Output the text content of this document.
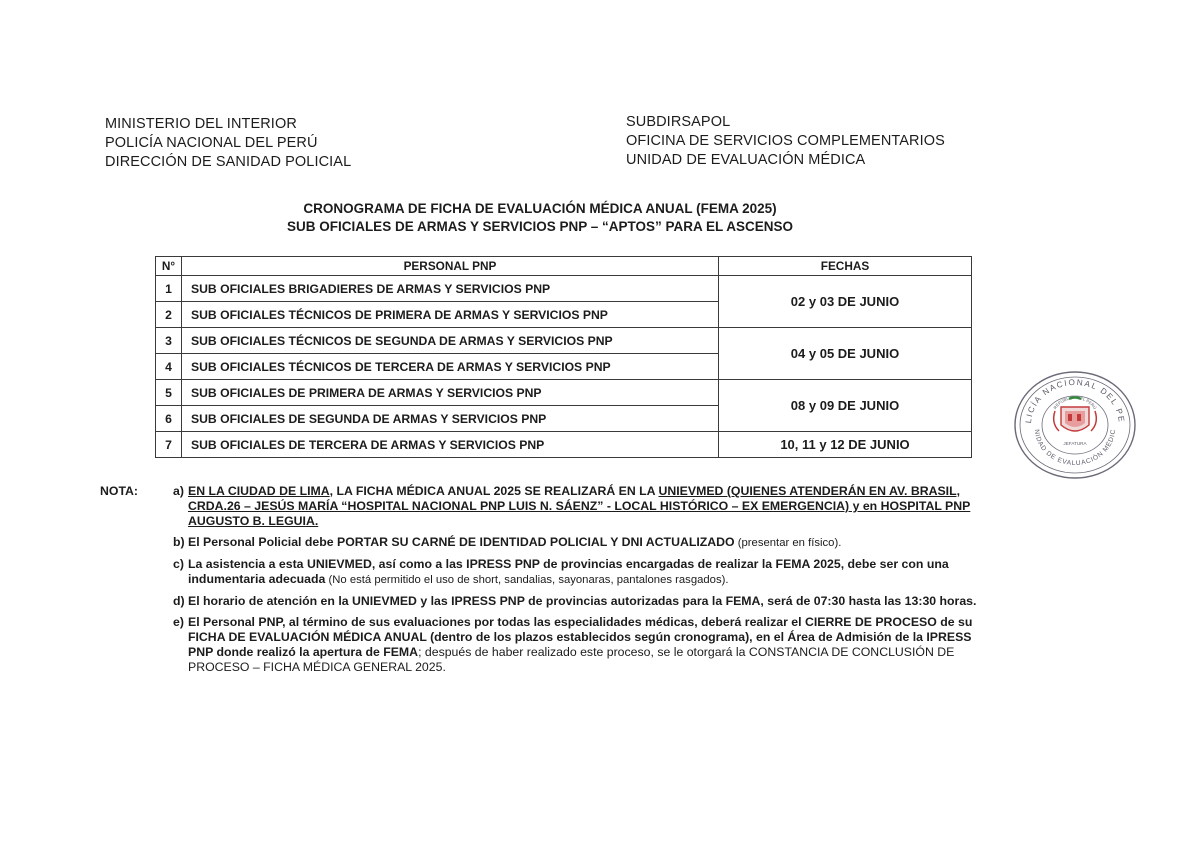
MINISTERIO DEL INTERIOR
POLICÍA NACIONAL DEL PERÚ
DIRECCIÓN DE SANIDAD POLICIAL
SUBDIRSAPOL
OFICINA DE SERVICIOS COMPLEMENTARIOS
UNIDAD DE EVALUACIÓN MÉDICA
CRONOGRAMA DE FICHA DE EVALUACIÓN MÉDICA ANUAL (FEMA 2025)
SUB OFICIALES DE ARMAS Y SERVICIOS PNP – “APTOS” PARA EL ASCENSO
N°	PERSONAL PNP	FECHAS
1	SUB OFICIALES BRIGADIERES DE ARMAS Y SERVICIOS PNP	02 y 03 DE JUNIO
2	SUB OFICIALES TÉCNICOS DE PRIMERA DE ARMAS Y SERVICIOS PNP	
3	SUB OFICIALES TÉCNICOS DE SEGUNDA DE ARMAS Y SERVICIOS PNP	04 y 05 DE JUNIO
4	SUB OFICIALES TÉCNICOS DE TERCERA DE ARMAS Y SERVICIOS PNP	
5	SUB OFICIALES DE PRIMERA DE ARMAS Y SERVICIOS PNP	08 y 09 DE JUNIO
6	SUB OFICIALES DE SEGUNDA DE ARMAS Y SERVICIOS PNP	
7	SUB OFICIALES DE TERCERA DE ARMAS Y SERVICIOS PNP	10, 11 y 12 DE JUNIO
NOTA:	a) EN LA CIUDAD DE LIMA, LA FICHA MÉDICA ANUAL 2025 SE REALIZARÁ EN LA UNIEVMED (QUIENES ATENDERÁN EN AV. BRASIL, CRDA.26 – JESÚS MARÍA “HOSPITAL NACIONAL PNP LUIS N. SÁENZ” - LOCAL HISTÓRICO – EX EMERGENCIA) y en HOSPITAL PNP AUGUSTO B. LEGUIA.
b) El Personal Policial debe PORTAR SU CARNÉ DE IDENTIDAD POLICIAL Y DNI ACTUALIZADO (presentar en físico).
c) La asistencia a esta UNIEVMED, así como a las IPRESS PNP de provincias encargadas de realizar la FEMA 2025, debe ser con una indumentaria adecuada (No está permitido el uso de short, sandalias, sayonaras, pantalones rasgados).
d) El horario de atención en la UNIEVMED y las IPRESS PNP de provincias autorizadas para la FEMA, será de 07:30 hasta las 13:30 horas.
e) El Personal PNP, al término de sus evaluaciones por todas las especialidades médicas, deberá realizar el CIERRE DE PROCESO de su FICHA DE EVALUACIÓN MÉDICA ANUAL (dentro de los plazos establecidos según cronograma), en el Área de Admisión de la IPRESS PNP donde realizó la apertura de FEMA; después de haber realizado este proceso, se le otorgará la CONSTANCIA DE CONCLUSIÓN DE PROCESO – FICHA MÉDICA GENERAL 2025.
LICÍA NACIONAL DEL PE
NIDAD DE EVALUACIÓN MÉDIC
REPÚBLICA DEL PERÚ
JEFATURA
